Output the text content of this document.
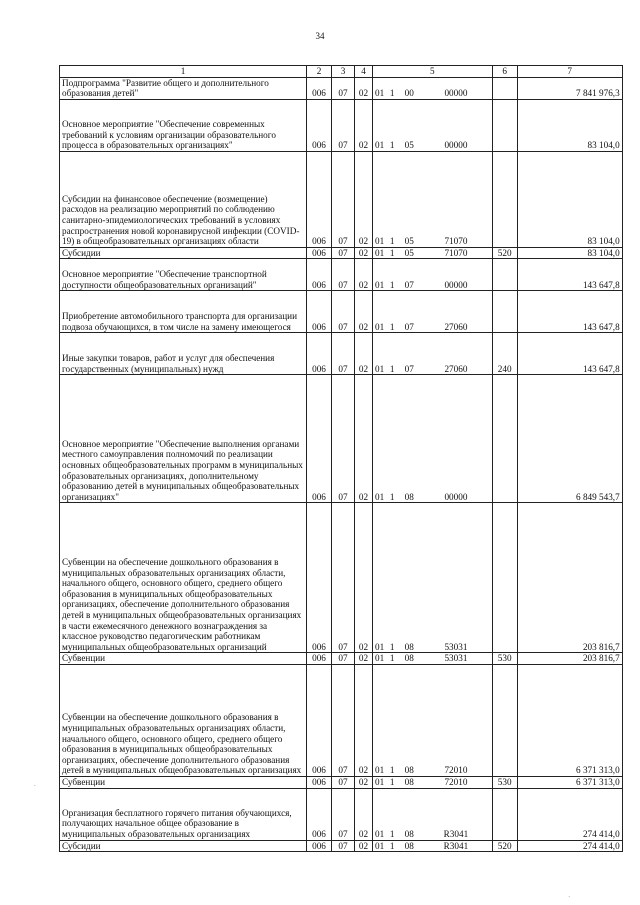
34
1	2	3	4	5				6	7
Подпрограмма "Развитие общего и дополнительного образования детей"	006	07	02	01	1	00	00000		7 841 976,3
Основное мероприятие "Обеспечение современных требований к условиям организации образовательного процесса в образовательных организациях"	006	07	02	01	1	05	00000		83 104,0
Субсидии на финансовое обеспечение (возмещение) расходов на реализацию мероприятий по соблюдению санитарно-эпидемиологических требований в условиях распространения новой коронавирусной инфекции (COVID-19) в общеобразовательных организациях области	006	07	02	01	1	05	71070		83 104,0
Субсидии	006	07	02	01	1	05	71070	520	83 104,0
Основное мероприятие "Обеспечение транспортной доступности общеобразовательных организаций"	006	07	02	01	1	07	00000		143 647,8
Приобретение автомобильного транспорта для организации подвоза обучающихся, в том числе на замену имеющегося	006	07	02	01	1	07	27060		143 647,8
Иные закупки товаров, работ и услуг для обеспечения государственных (муниципальных) нужд	006	07	02	01	1	07	27060	240	143 647,8
Основное мероприятие "Обеспечение выполнения органами местного самоуправления полномочий по реализации основных общеобразовательных программ в муниципальных образовательных организациях, дополнительному образованию детей в муниципальных общеобразовательных организациях"	006	07	02	01	1	08	00000		6 849 543,7
Субвенции на обеспечение дошкольного образования в муниципальных образовательных организациях области, начального общего, основного общего, среднего общего образования в муниципальных общеобразовательных организациях, обеспечение дополнительного образования детей в муниципальных общеобразовательных организациях в части ежемесячного денежного вознаграждения за классное руководство педагогическим работникам муниципальных общеобразовательных организаций	006	07	02	01	1	08	53031		203 816,7
Субвенции	006	07	02	01	1	08	53031	530	203 816,7
Субвенции на обеспечение дошкольного образования в муниципальных образовательных организациях области, начального общего, основного общего, среднего общего образования в муниципальных общеобразовательных организациях, обеспечение дополнительного образования детей в муниципальных общеобразовательных организациях	006	07	02	01	1	08	72010		6 371 313,0
Субвенции	006	07	02	01	1	08	72010	530	6 371 313,0
Организация бесплатного горячего питания обучающихся, получающих начальное общее образование в муниципальных образовательных организациях	006	07	02	01	1	08	R3041		274 414,0
Субсидии	006	07	02	01	1	08	R3041	520	274 414,0
.
·
